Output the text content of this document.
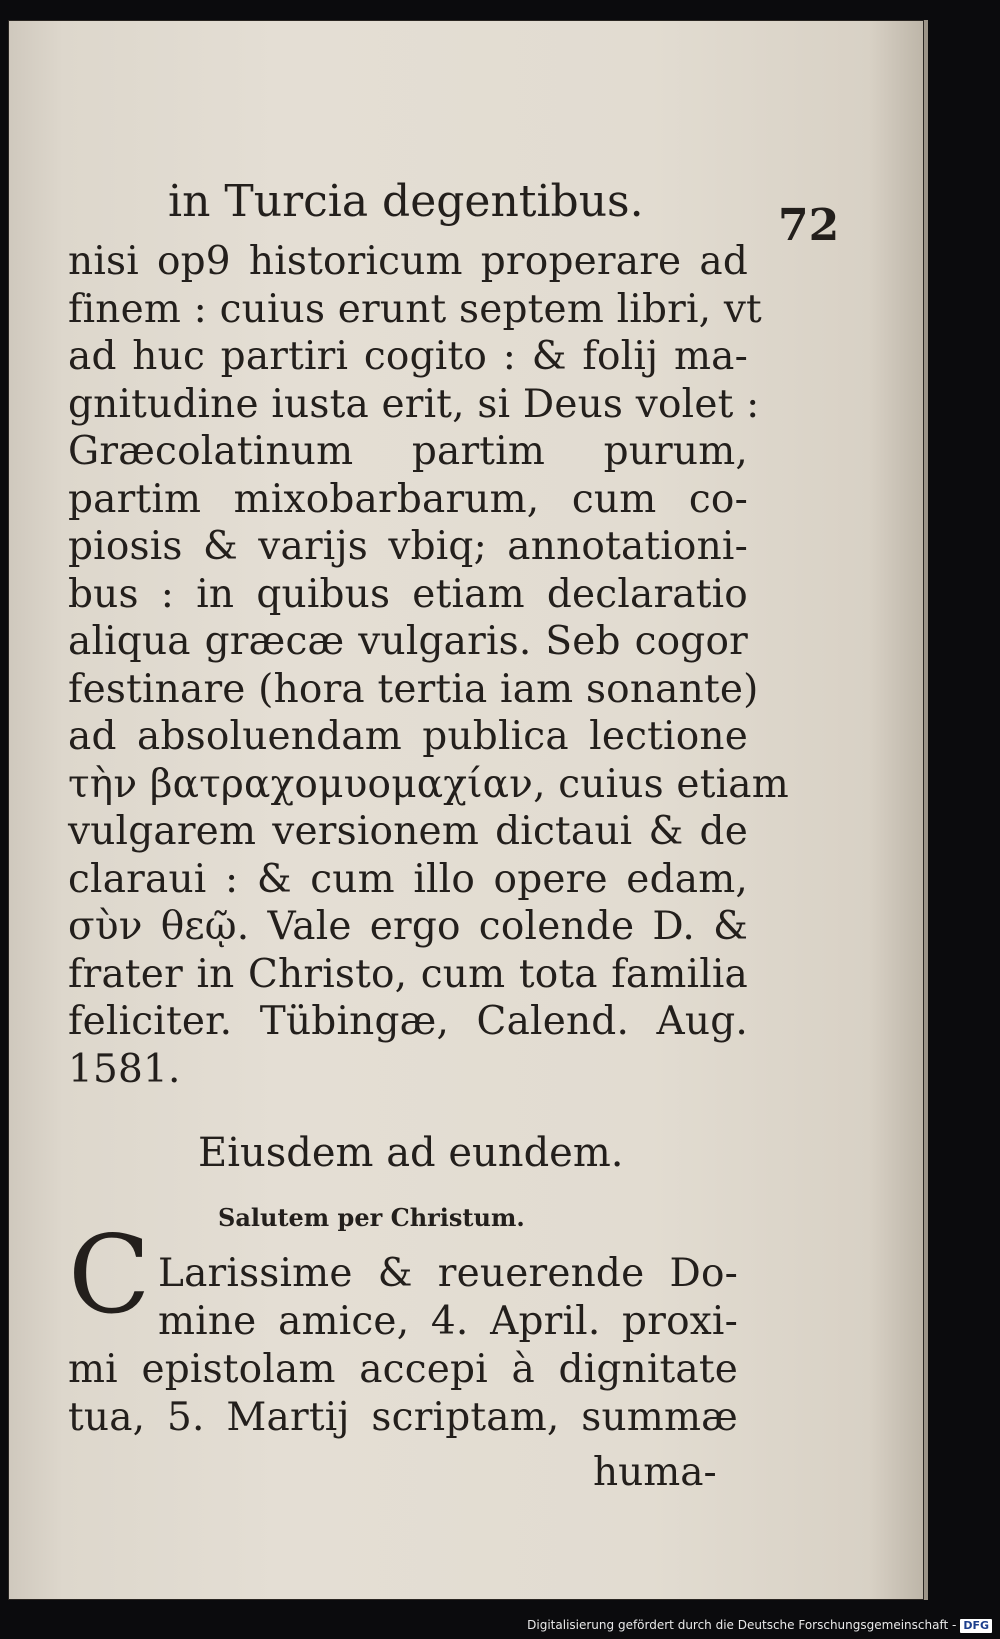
in Turcia degentibus.	72
nisi op9 historicum properare ad
finem : cuius erunt septem libri, vt
ad huc partiri cogito : & folij ma-
gnitudine iusta erit, si Deus volet :
Græcolatinum partim purum,
partim mixobarbarum, cum co-
piosis & varijs vbiq; annotationi-
bus : in quibus etiam declaratio
aliqua græcæ vulgaris. Seb cogor
festinare (hora tertia iam sonante)
ad absoluendam publica lectione
τὴν βατραχομυομαχίαν, cuius etiam
vulgarem versionem dictaui & de
claraui : & cum illo opere edam,
σὺν θεῷ. Vale ergo colende D. &
frater in Christo, cum tota familia
feliciter. Tübingæ, Calend. Aug.
1581.
Eiusdem ad eundem.
Salutem per Christum.
C Larissime & reuerende Do-
mine amice, 4. April. proxi-
mi epistolam accepi à dignitate
tua, 5. Martij scriptam, summæ
huma-
Digitalisierung gefördert durch die Deutsche Forschungsgemeinschaft - DFG
